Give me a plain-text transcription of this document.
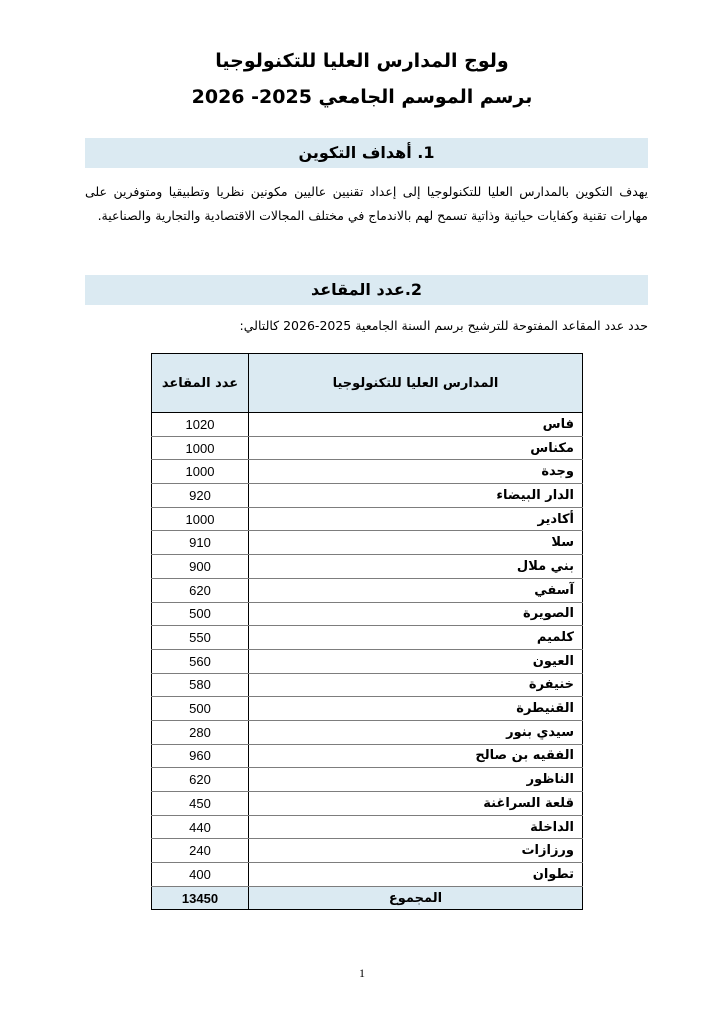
ولوج المدارس العليا للتكنولوجيا
برسم الموسم الجامعي 2025- 2026
1. أهداف التكوين
يهدف التكوين بالمدارس العليا للتكنولوجيا إلى إعداد تقنيين عاليين مكونين نظريا وتطبيقيا ومتوفرين على مهارات تقنية وكفايات حياتية وذاتية تسمح لهم بالاندماج في مختلف المجالات الاقتصادية والتجارية والصناعية.
2.عدد المقاعد
حدد عدد المقاعد المفتوحة للترشيح برسم السنة الجامعية 2025-2026 كالتالي:
المدارس العليا للتكنولوجيا	عدد المقاعد
فاس	1020
مكناس	1000
وجدة	1000
الدار البيضاء	920
أكادير	1000
سلا	910
بني ملال	900
آسفي	620
الصويرة	500
كلميم	550
العيون	560
خنيفرة	580
القنيطرة	500
سيدي بنور	280
الفقيه بن صالح	960
الناظور	620
قلعة السراغنة	450
الداخلة	440
ورزازات	240
تطوان	400
المجموع	13450
1
